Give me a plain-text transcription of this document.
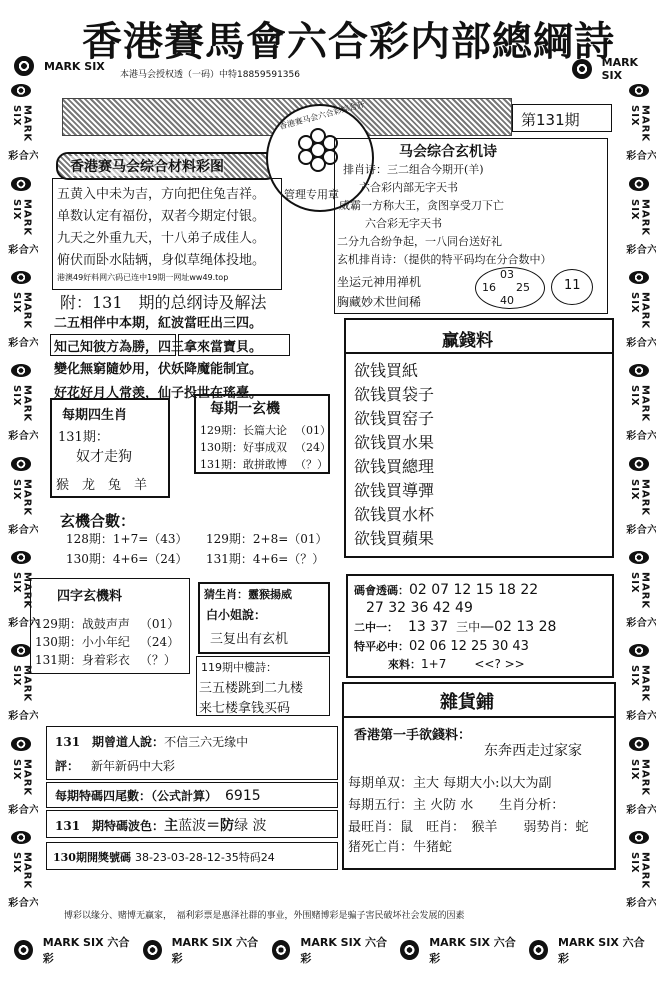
MARK SIX	MARK SIX
MARK SIX
六合彩
MARK SIX
六合彩
MARK SIX
六合彩
MARK SIX
六合彩
MARK SIX
六合彩
MARK SIX
六合彩
MARK SIX
六合彩
MARK SIX
六合彩
MARK SIX
六合彩
MARK SIX
六合彩
MARK SIX
六合彩
MARK SIX
六合彩
MARK SIX
六合彩
MARK SIX
六合彩
MARK SIX
六合彩
MARK SIX
六合彩
MARK SIX
六合彩
MARK SIX
六合彩
MARK SIX 六合彩
MARK SIX 六合彩
MARK SIX 六合彩
MARK SIX 六合彩
MARK SIX 六合彩
香港賽馬會六合彩内部總綱詩
本港马会授权透（一码）中特18859591356
第131期
香港赛马会综合材料彩图
香港赛马会六合彩综合开
管理专用章
五黄入中未为吉，方向把住兔吉祥。
单数认定有福份，双者今期定付银。
九天之外重九天，十八弟子成佳人。
俯伏而卧水陆辆，身似草绳体投地。
港澳49好料网六码已连中19期一网址ww49.top
马会综合玄机诗
排肖诗：三二组合今期开(羊)
六合彩内部无字天书
威霸一方称大王，贪图享受刀下亡
六合彩无字天书
二分九合纷争起，一八同台送好礼
玄机排肖诗：（提供的特平码均在分合数中）
坐运元神用禅机
胸藏妙术世间稀
03
16 25
40
11
附：131 期的总纲诗及解法
二五相伴中本期，紅波當旺出三四。
知己知彼方為勝，四三拿來當寶貝。
變化無窮隨妙用，伏妖降魔能制宜。
好花好月人常羡，仙子投世在瑤臺。
赢錢料
欲钱買紙
欲钱買袋子
欲钱買窑子
欲钱買水果
欲钱買總理
欲钱買導彈
欲钱買水杯
欲钱買蘋果
每期四生肖
131期：
奴才走狗
猴　龙　兔　羊
每期一玄機
129期：长篇大论 （01）
130期：好事成双 （24）
131期：敢拼敢博 （？）
玄機合數：
128期：1+7=（43） 129期：2+8=（01）
130期：4+6=（24） 131期：4+6=（？）
四字玄機料
129期：战鼓声声 （01）
130期：小小年纪 （24）
131期：身着彩衣 （？）
猜生肖：靈猴揚威
白小姐說：
三复出有玄机
119期中樓詩：
三五楼跳到二九楼
来七楼拿钱买码
碼會透碼：02 07 12 15 18 22
27 32 36 42 49
二中一： 13 37 三中—02 13 28
特平必中：02 06 12 25 30 43
來料：1+7 <<? >>
雜貨鋪
香港第一手欲錢料：
东奔西走过家家
每期单双：主大 每期大小:以大为副
每期五行：主 火防 水　　生肖分析：
最旺肖：鼠　旺肖：　猴羊　　弱势肖：蛇
猪死亡肖：牛猪蛇
131　期曾道人說：不信三六无缘中
評： 新年新码中大彩
每期特碼四尾數：（公式計算） 6915
131　期特碼波色：主蓝波＝防绿 波
130期開獎號碼 38-23-03-28-12-35特码24
博彩以缘分、赌博无赢家，　福利彩票是惠泽社群的事业，外围赌博彩是骗子害民破坏社会发展的因素
